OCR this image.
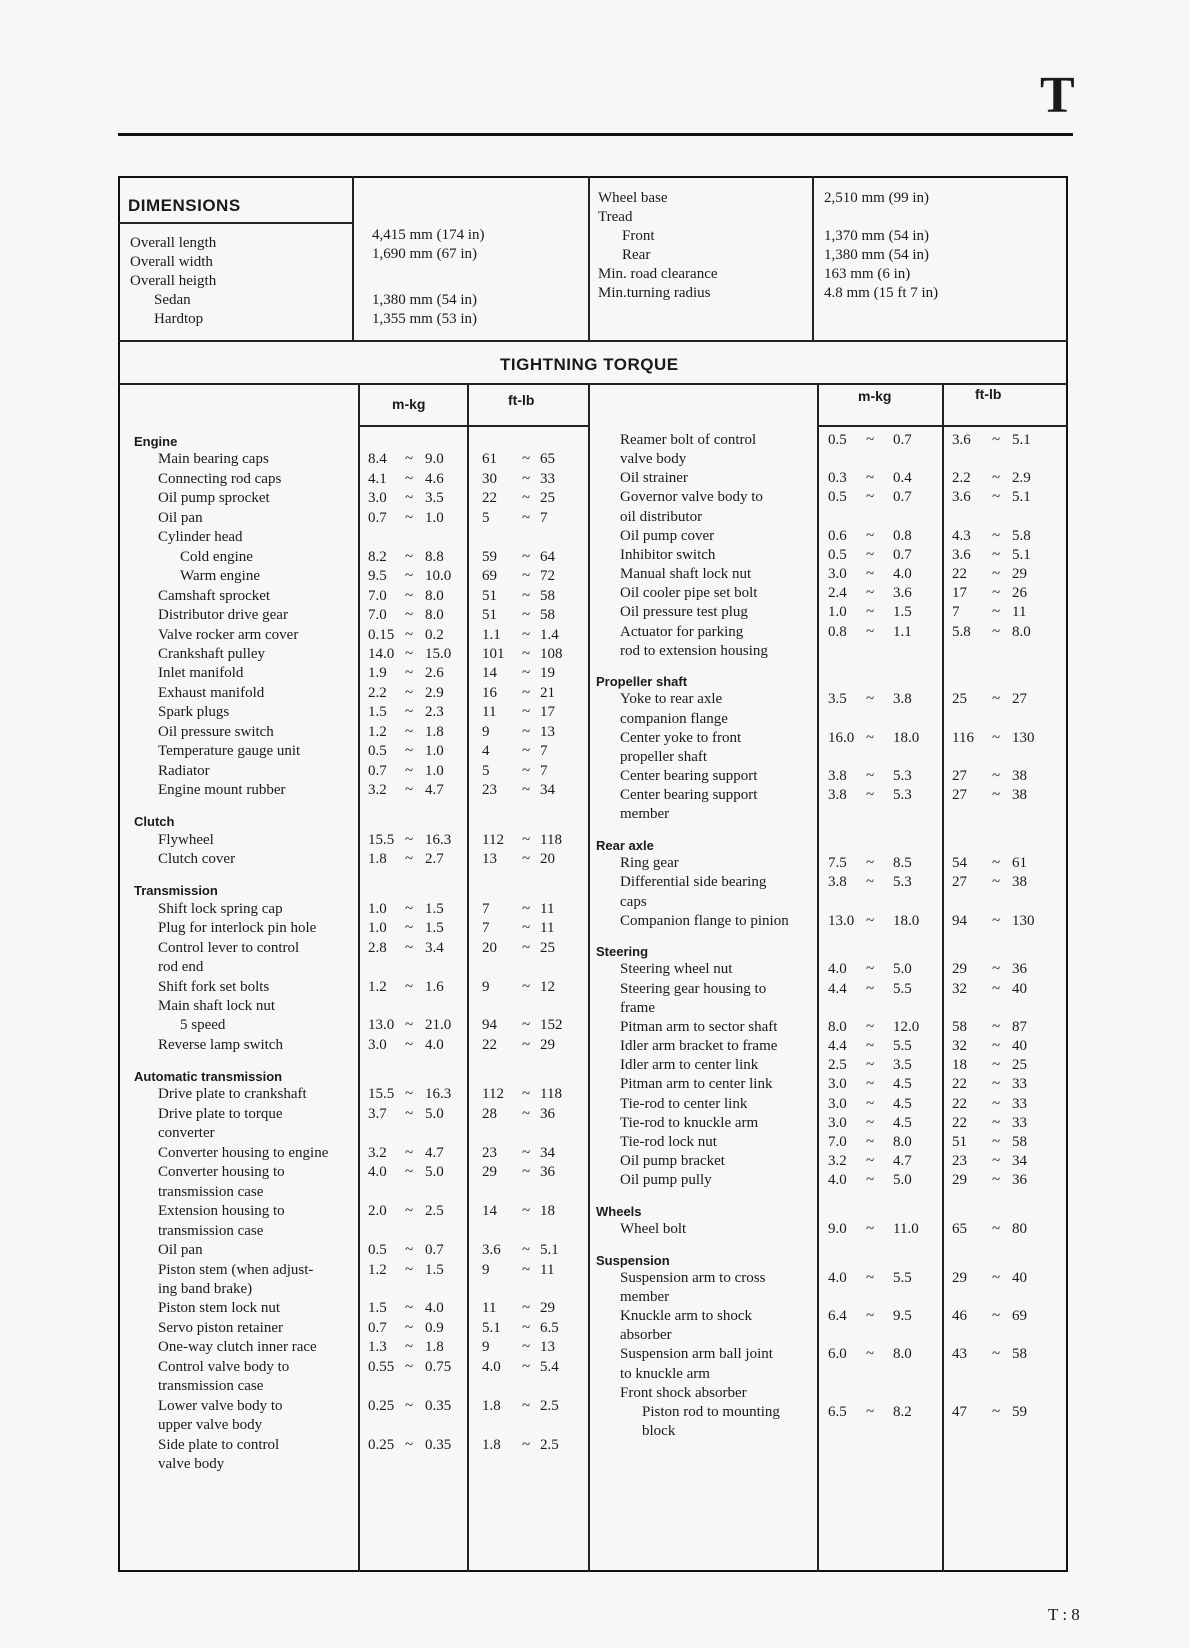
T
DIMENSIONS
TIGHTNING TORQUE
m-kg	ft-lb	m-kg	ft-lb
Overall length	4,415 mm (174 in)
Overall width	1,690 mm (67 in)
Overall heigth
Sedan	1,380 mm (54 in)
Hardtop	1,355 mm (53 in)
Wheel base	2,510 mm (99 in)
Tread
Front	1,370 mm (54 in)
Rear	1,380 mm (54 in)
Min. road clearance	163 mm (6 in)
Min.turning radius	4.8 mm (15 ft 7 in)
Engine
Main bearing caps	8.4 ~ 9.0	61 ~ 65
Connecting rod caps	4.1 ~ 4.6	30 ~ 33
Oil pump sprocket	3.0 ~ 3.5	22 ~ 25
Oil pan	0.7 ~ 1.0	5 ~ 7
Cylinder head
Cold engine	8.2 ~ 8.8	59 ~ 64
Warm engine	9.5 ~ 10.0 69 ~ 72
Camshaft sprocket	7.0 ~ 8.0	51 ~ 58
Distributor drive gear	7.0 ~ 8.0	51 ~ 58
Valve rocker arm cover	0.15 ~ 0.2	1.1 ~ 1.4
Crankshaft pulley	14.0 ~ 15.0 101 ~ 108
Inlet manifold	1.9 ~ 2.6	14 ~ 19
Exhaust manifold	2.2 ~ 2.9	16 ~ 21
Spark plugs	1.5 ~ 2.3	11 ~ 17
Oil pressure switch	1.2 ~ 1.8	9 ~ 13
Temperature gauge unit	0.5 ~ 1.0	4 ~ 7
Radiator	0.7 ~ 1.0	5 ~ 7
Engine mount rubber	3.2 ~ 4.7	23 ~ 34
Clutch
Flywheel	15.5 ~ 16.3 112 ~ 118
Clutch cover	1.8 ~ 2.7	13 ~ 20
Transmission
Shift lock spring cap	1.0 ~ 1.5	7 ~ 11
Plug for interlock pin hole	1.0 ~ 1.5	7 ~ 11
Control lever to control	2.8 ~ 3.4	20 ~ 25
rod end
Shift fork set bolts	1.2 ~ 1.6	9 ~ 12
Main shaft lock nut
5 speed	13.0 ~ 21.0 94 ~ 152
Reverse lamp switch	3.0 ~ 4.0	22 ~ 29
Automatic transmission
Drive plate to crankshaft	15.5 ~ 16.3 112 ~ 118
Drive plate to torque	3.7 ~ 5.0	28 ~ 36
converter
Converter housing to engine	3.2 ~ 4.7	23 ~ 34
Converter housing to	4.0 ~ 5.0	29 ~ 36
transmission case
Extension housing to	2.0 ~ 2.5	14 ~ 18
transmission case
Oil pan	0.5 ~ 0.7	3.6 ~ 5.1
Piston stem (when adjust-	1.2 ~ 1.5	9 ~ 11
ing band brake)
Piston stem lock nut	1.5 ~ 4.0	11 ~ 29
Servo piston retainer	0.7 ~ 0.9	5.1 ~ 6.5
One-way clutch inner race	1.3 ~ 1.8	9 ~ 13
Control valve body to	0.55 ~ 0.75 4.0 ~ 5.4
transmission case
Lower valve body to	0.25 ~ 0.35 1.8 ~ 2.5
upper valve body
Side plate to control	0.25 ~ 0.35 1.8 ~ 2.5
valve body
Reamer bolt of control	0.5 ~ 0.7	3.6 ~ 5.1
valve body
Oil strainer	0.3 ~ 0.4	2.2 ~ 2.9
Governor valve body to	0.5 ~ 0.7	3.6 ~ 5.1
oil distributor
Oil pump cover	0.6 ~ 0.8	4.3 ~ 5.8
Inhibitor switch	0.5 ~ 0.7	3.6 ~ 5.1
Manual shaft lock nut	3.0 ~ 4.0	22 ~ 29
Oil cooler pipe set bolt	2.4 ~ 3.6	17 ~ 26
Oil pressure test plug	1.0 ~ 1.5	7 ~ 11
Actuator for parking	0.8 ~ 1.1	5.8 ~ 8.0
rod to extension housing
Propeller shaft
Yoke to rear axle	3.5 ~ 3.8	25 ~ 27
companion flange
Center yoke to front	16.0 ~ 18.0 116 ~ 130
propeller shaft
Center bearing support	3.8 ~ 5.3	27 ~ 38
Center bearing support	3.8 ~ 5.3	27 ~ 38
member
Rear axle
Ring gear	7.5 ~ 8.5	54 ~ 61
Differential side bearing	3.8 ~ 5.3	27 ~ 38
caps
Companion flange to pinion	13.0 ~ 18.0 94 ~ 130
Steering
Steering wheel nut	4.0 ~ 5.0	29 ~ 36
Steering gear housing to	4.4 ~ 5.5	32 ~ 40
frame
Pitman arm to sector shaft	8.0 ~ 12.0 58 ~ 87
Idler arm bracket to frame	4.4 ~ 5.5	32 ~ 40
Idler arm to center link	2.5 ~ 3.5	18 ~ 25
Pitman arm to center link	3.0 ~ 4.5	22 ~ 33
Tie-rod to center link	3.0 ~ 4.5	22 ~ 33
Tie-rod to knuckle arm	3.0 ~ 4.5	22 ~ 33
Tie-rod lock nut	7.0 ~ 8.0	51 ~ 58
Oil pump bracket	3.2 ~ 4.7	23 ~ 34
Oil pump pully	4.0 ~ 5.0	29 ~ 36
Wheels
Wheel bolt	9.0 ~ 11.0 65 ~ 80
Suspension
Suspension arm to cross	4.0 ~ 5.5	29 ~ 40
member
Knuckle arm to shock	6.4 ~ 9.5	46 ~ 69
absorber
Suspension arm ball joint	6.0 ~ 8.0	43 ~ 58
to knuckle arm
Front shock absorber
Piston rod to mounting	6.5 ~ 8.2	47 ~ 59
block
T : 8
